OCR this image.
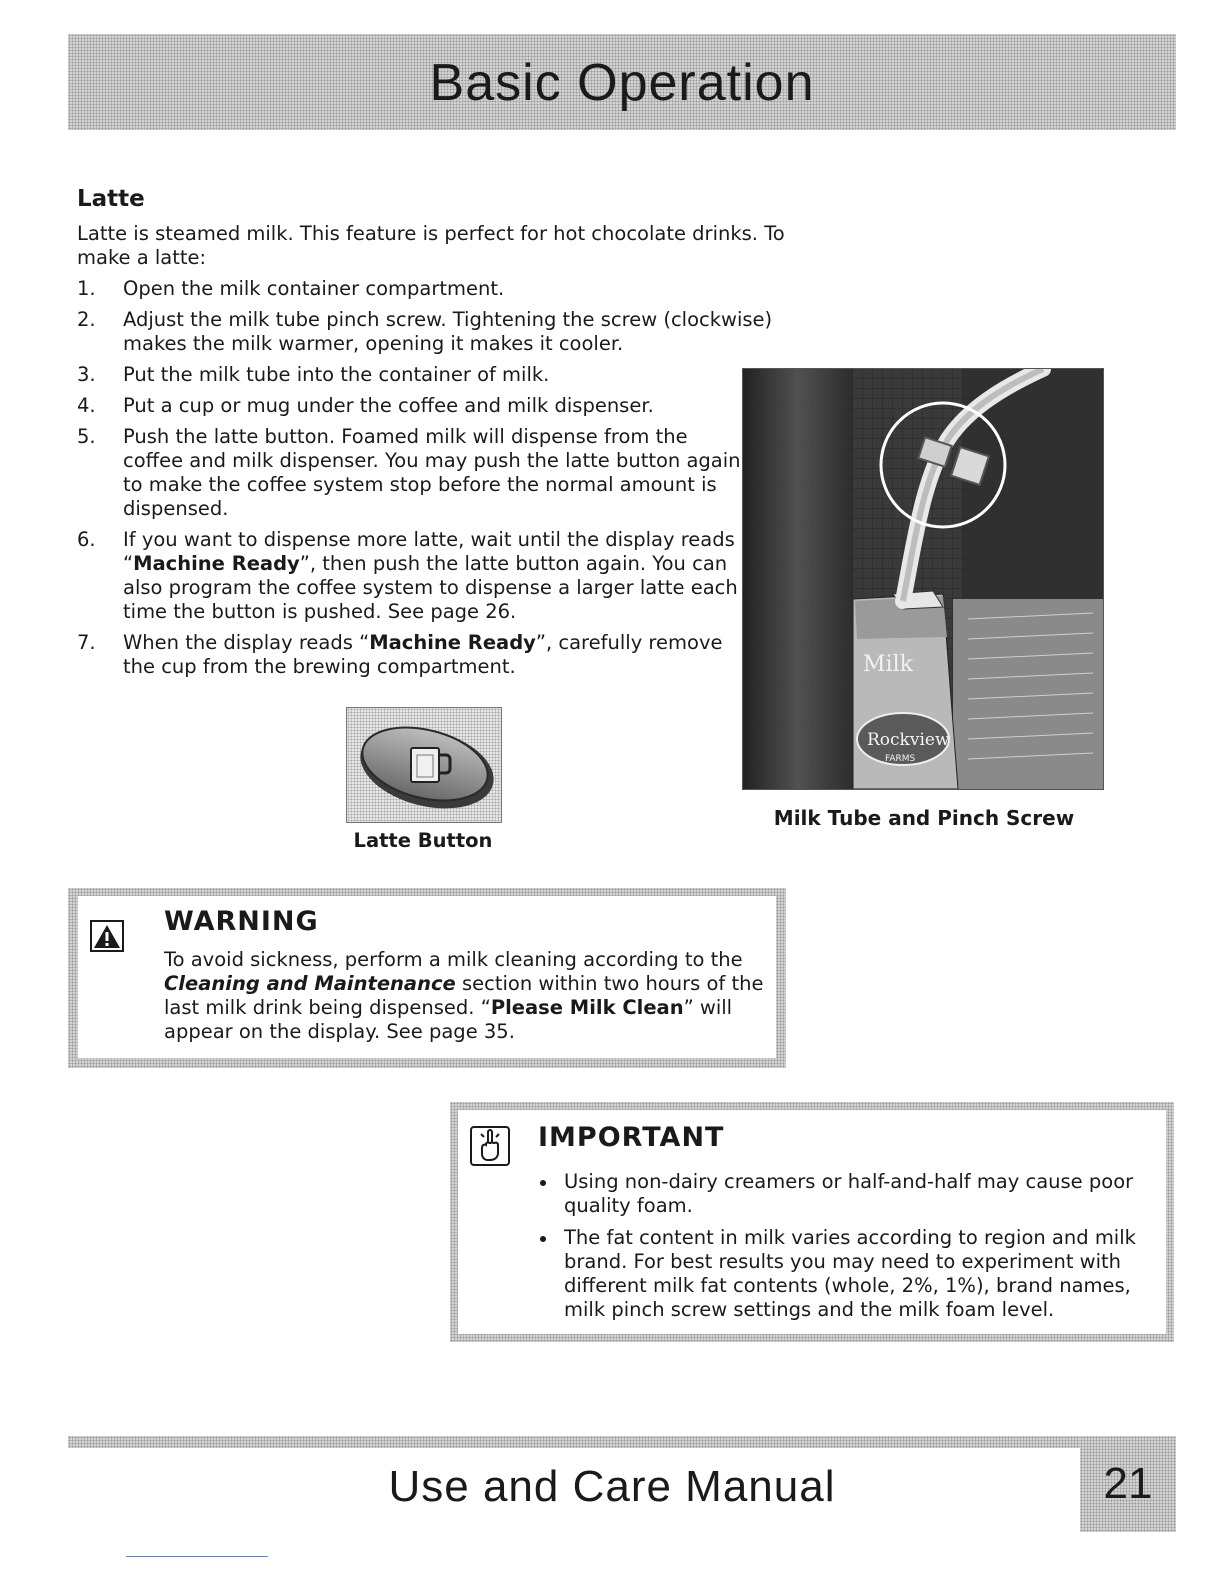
Basic Operation
Latte
Latte is steamed milk. This feature is perfect for hot chocolate drinks. To make a latte:
1. Open the milk container compartment.
2. Adjust the milk tube pinch screw. Tightening the screw (clockwise) makes the milk warmer, opening it makes it cooler.
3. Put the milk tube into the container of milk.
4. Put a cup or mug under the coffee and milk dispenser.
5. Push the latte button. Foamed milk will dispense from the coffee and milk dispenser. You may push the latte button again to make the coffee system stop before the normal amount is dispensed.
6. If you want to dispense more latte, wait until the display reads “Machine Ready”, then push the latte button again. You can also program the coffee system to dispense a larger latte each time the button is pushed. See page 26.
7. When the display reads “Machine Ready”, carefully remove the cup from the brewing compartment.
Latte Button
Milk
Rockview
FARMS
Milk Tube and Pinch Screw
WARNING
To avoid sickness, perform a milk cleaning according to the Cleaning and Maintenance section within two hours of the last milk drink being dispensed. “Please Milk Clean” will appear on the display. See page 35.
IMPORTANT
Using non-dairy creamers or half-and-half may cause poor quality foam.
The fat content in milk varies according to region and milk brand. For best results you may need to experiment with different milk fat contents (whole, 2%, 1%), brand names, milk pinch screw settings and the milk foam level.
Use and Care Manual	21
